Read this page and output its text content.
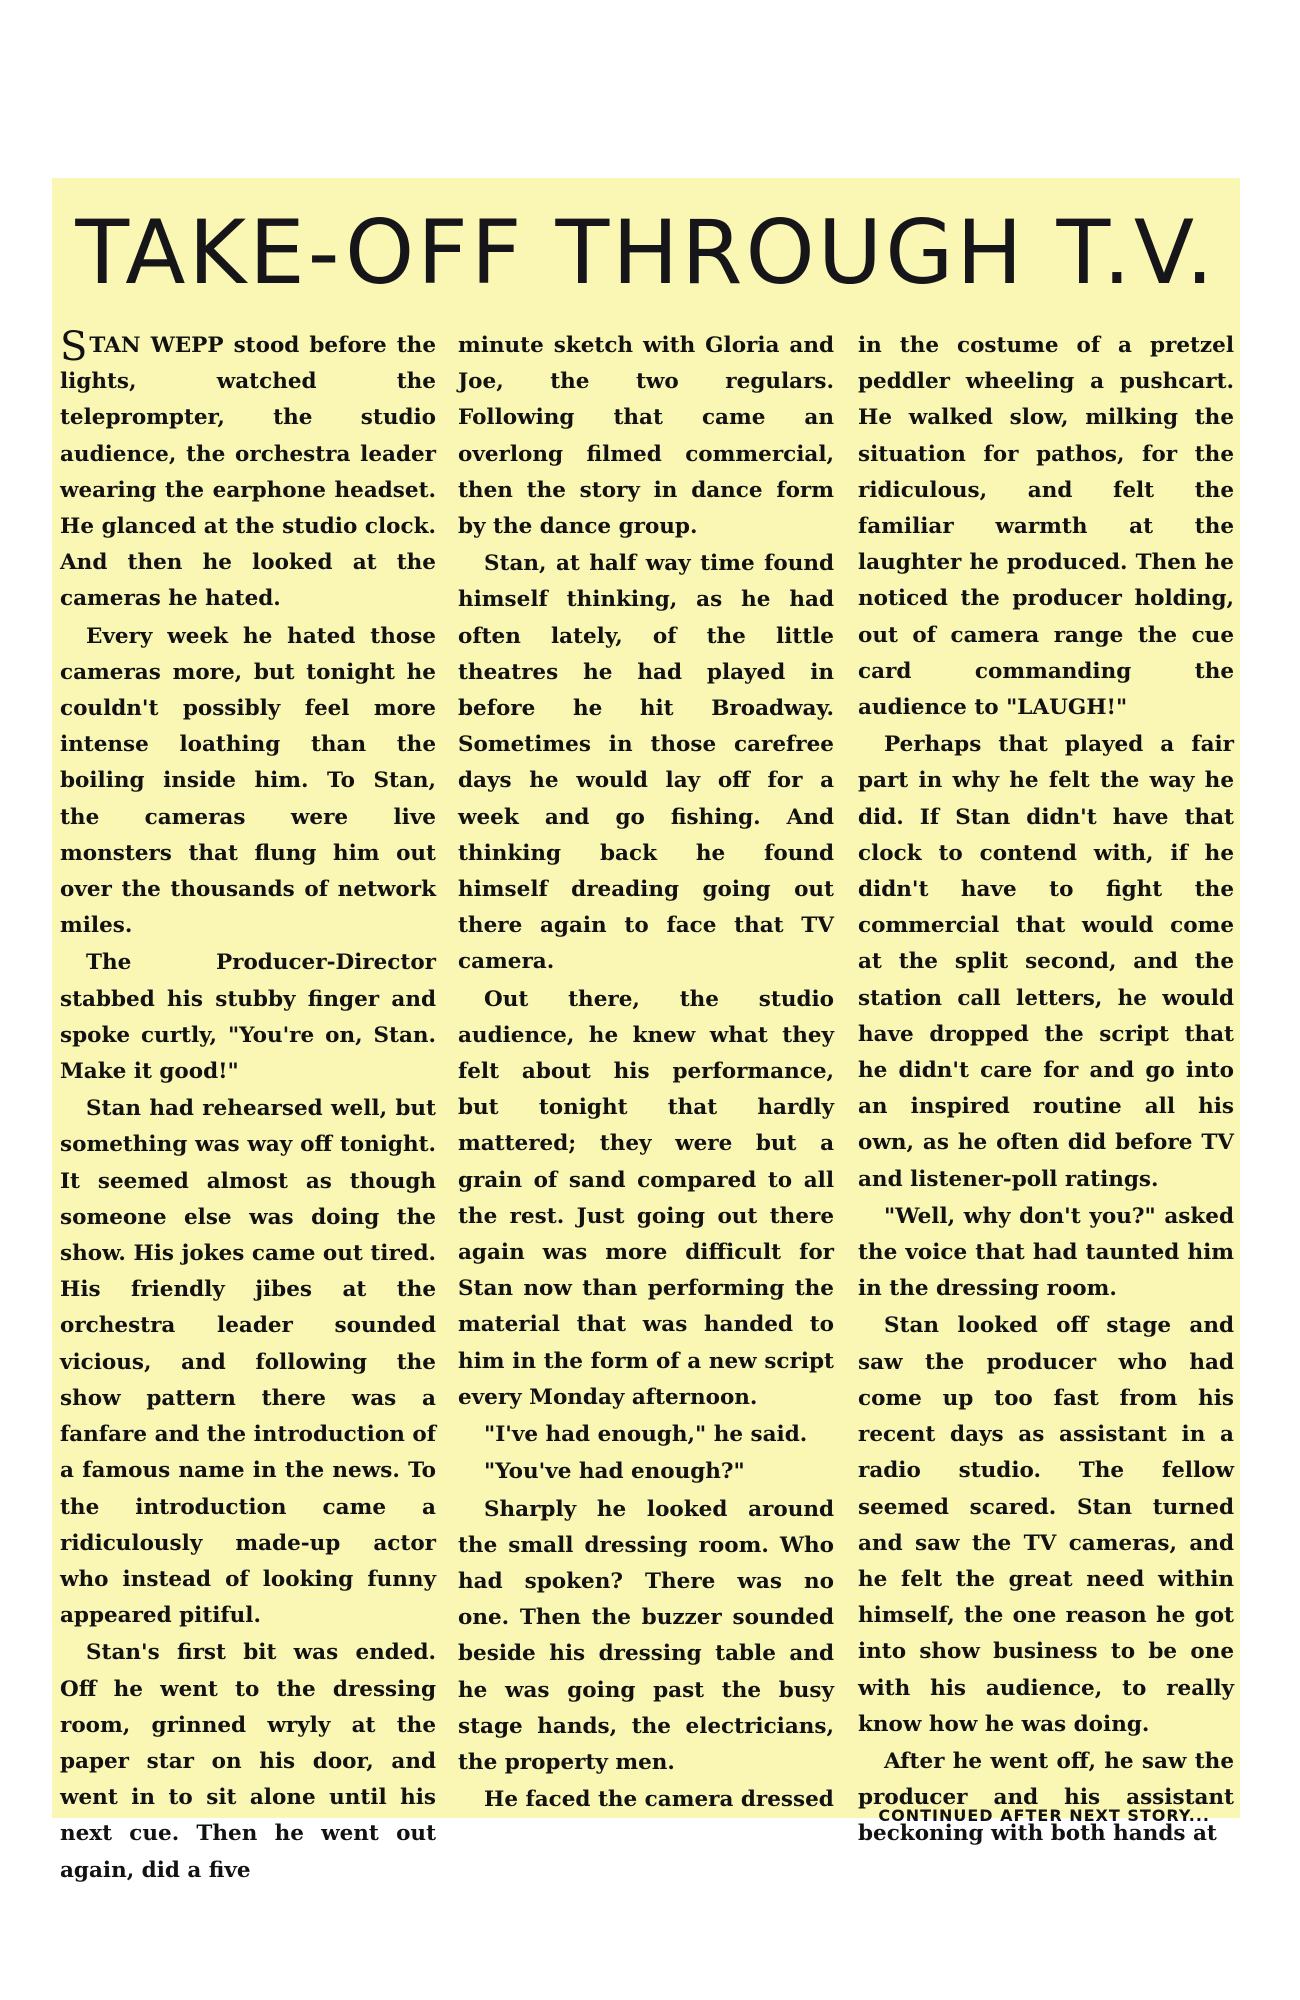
TAKE-OFF THROUGH T.V.

STAN WEPP stood before the lights, watched the teleprompter, the studio audience, the orchestra leader wearing the earphone headset. He glanced at the studio clock. And then he looked at the cameras he hated.

Every week he hated those cameras more, but tonight he couldn't possibly feel more intense loathing than the boiling inside him. To Stan, the cameras were live monsters that flung him out over the thousands of network miles.

The Producer-Director stabbed his stubby finger and spoke curtly, "You're on, Stan. Make it good!"

Stan had rehearsed well, but something was way off tonight. It seemed almost as though someone else was doing the show. His jokes came out tired. His friendly jibes at the orchestra leader sounded vicious, and following the show pattern there was a fanfare and the introduction of a famous name in the news. To the introduction came a ridiculously made-up actor who instead of looking funny appeared pitiful.

Stan's first bit was ended. Off he went to the dressing room, grinned wryly at the paper star on his door, and went in to sit alone until his next cue. Then he went out again, did a five

minute sketch with Gloria and Joe, the two regulars. Following that came an overlong filmed commercial, then the story in dance form by the dance group.

Stan, at half way time found himself thinking, as he had often lately, of the little theatres he had played in before he hit Broadway. Sometimes in those carefree days he would lay off for a week and go fishing. And thinking back he found himself dreading going out there again to face that TV camera.

Out there, the studio audience, he knew what they felt about his performance, but tonight that hardly mattered; they were but a grain of sand compared to all the rest. Just going out there again was more difficult for Stan now than performing the material that was handed to him in the form of a new script every Monday afternoon.

"I've had enough," he said.

"You've had enough?"

Sharply he looked around the small dressing room. Who had spoken? There was no one. Then the buzzer sounded beside his dressing table and he was going past the busy stage hands, the electricians, the property men.

He faced the camera dressed

in the costume of a pretzel peddler wheeling a pushcart. He walked slow, milking the situation for pathos, for the ridiculous, and felt the familiar warmth at the laughter he produced. Then he noticed the producer holding, out of camera range the cue card commanding the audience to "LAUGH!"

Perhaps that played a fair part in why he felt the way he did. If Stan didn't have that clock to contend with, if he didn't have to fight the commercial that would come at the split second, and the station call letters, he would have dropped the script that he didn't care for and go into an inspired routine all his own, as he often did before TV and listener-poll ratings.

"Well, why don't you?" asked the voice that had taunted him in the dressing room.

Stan looked off stage and saw the producer who had come up too fast from his recent days as assistant in a radio studio. The fellow seemed scared. Stan turned and saw the TV cameras, and he felt the great need within himself, the one reason he got into show business to be one with his audience, to really know how he was doing.

After he went off, he saw the producer and his assistant beckoning with both hands at

CONTINUED AFTER NEXT STORY...
